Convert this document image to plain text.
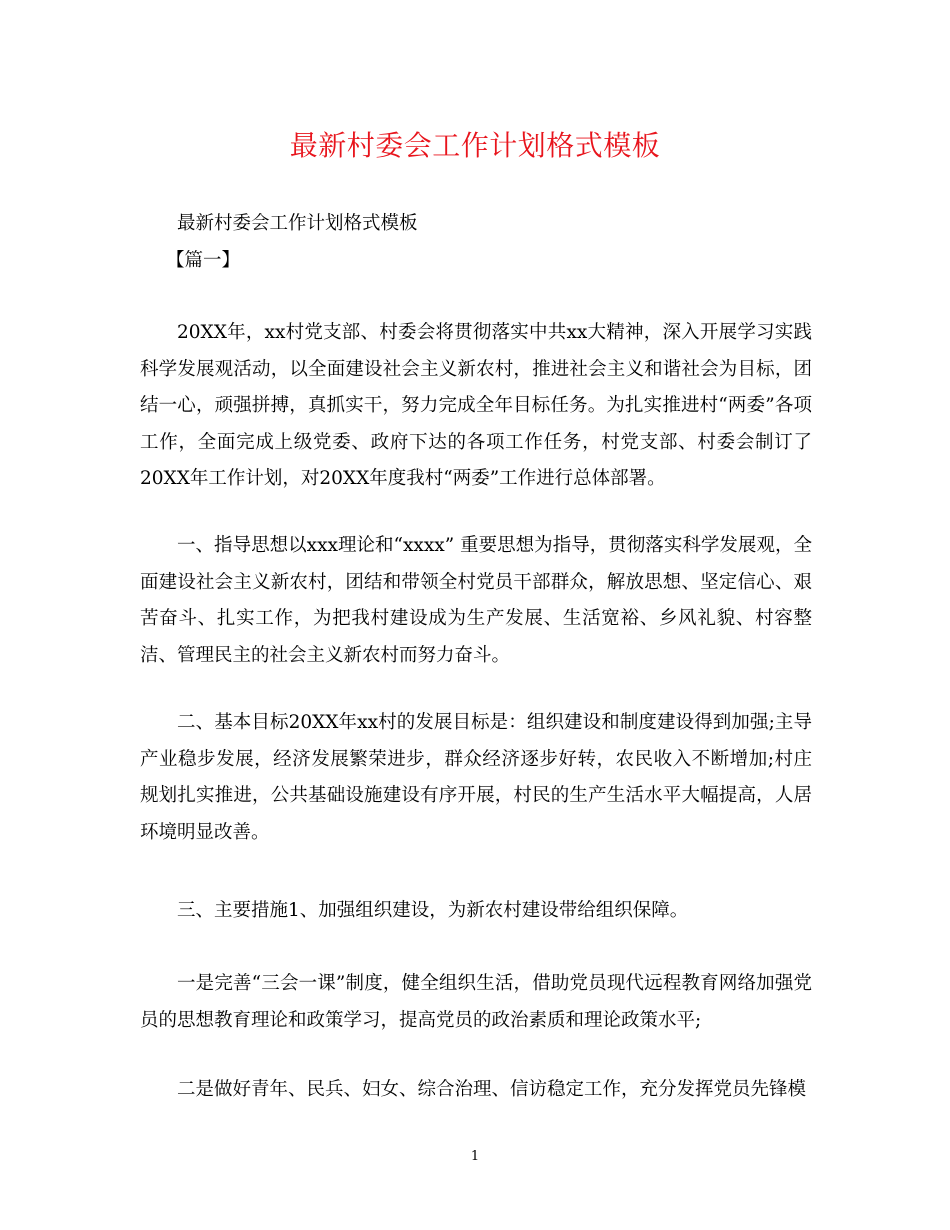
最新村委会工作计划格式模板

最新村委会工作计划格式模板

【篇一】

20XX年，xx村党支部、村委会将贯彻落实中共xx大精神，深入开展学习实践科学发展观活动，以全面建设社会主义新农村，推进社会主义和谐社会为目标，团结一心，顽强拼搏，真抓实干，努力完成全年目标任务。为扎实推进村“两委”各项工作，全面完成上级党委、政府下达的各项工作任务，村党支部、村委会制订了20XX年工作计划，对20XX年度我村“两委”工作进行总体部署。

一、指导思想以xxx理论和“xxxx” 重要思想为指导，贯彻落实科学发展观，全面建设社会主义新农村，团结和带领全村党员干部群众，解放思想、坚定信心、艰苦奋斗、扎实工作，为把我村建设成为生产发展、生活宽裕、乡风礼貌、村容整洁、管理民主的社会主义新农村而努力奋斗。

二、基本目标20XX年xx村的发展目标是：组织建设和制度建设得到加强;主导产业稳步发展，经济发展繁荣进步，群众经济逐步好转，农民收入不断增加;村庄规划扎实推进，公共基础设施建设有序开展，村民的生产生活水平大幅提高，人居环境明显改善。

三、主要措施1、加强组织建设，为新农村建设带给组织保障。

一是完善“三会一课”制度，健全组织生活，借助党员现代远程教育网络加强党员的思想教育理论和政策学习，提高党员的政治素质和理论政策水平;

二是做好青年、民兵、妇女、综合治理、信访稳定工作，充分发挥党员先锋模

1
